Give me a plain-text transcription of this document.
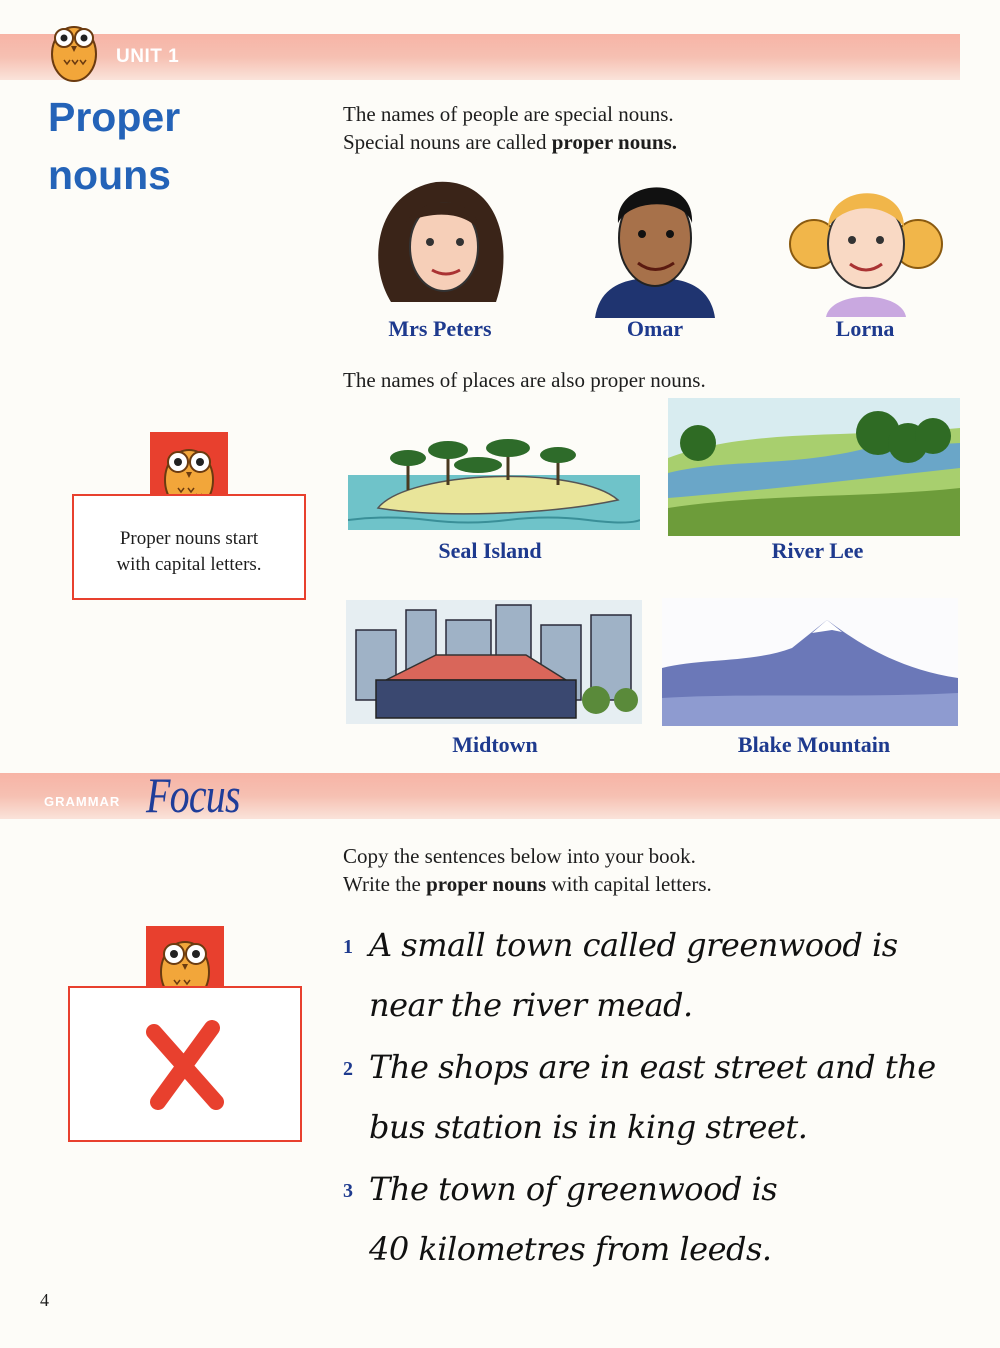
UNIT 1
Proper
nouns
The names of people are special nouns.
Special nouns are called proper nouns.
Mrs Peters	Omar	Lorna
The names of places are also proper nouns.
Seal Island	River Lee
Midtown	Blake Mountain
Proper nouns start
with capital letters.
GRAMMAR Focus
Copy the sentences below into your book.
Write the proper nouns with capital letters.
1 A small town called greenwood is
near the river mead.
2 The shops are in east street and the
bus station is in king street.
3 The town of greenwood is
40 kilometres from leeds.
4
